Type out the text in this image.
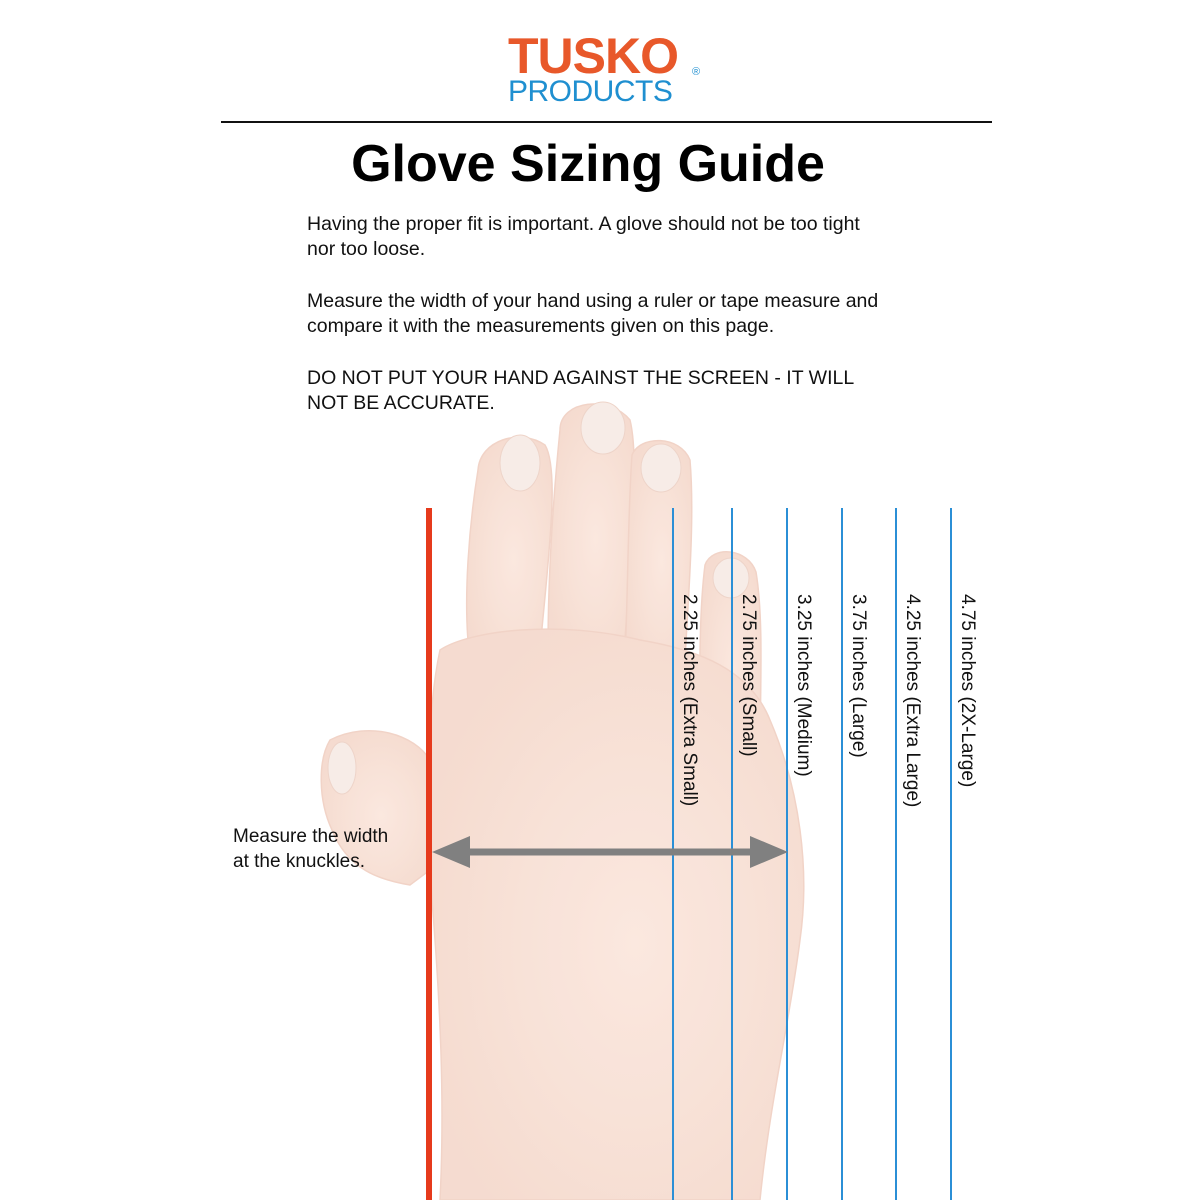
TUSKO
PRODUCTS
®
Glove Sizing Guide
Having the proper fit is important. A glove should not be too tight
nor too loose.
Measure the width of your hand using a ruler or tape measure and
compare it with the measurements given on this page.
DO NOT PUT YOUR HAND AGAINST THE SCREEN - IT WILL
NOT BE ACCURATE.
2.25 inches (Extra Small) 2.75 inches (Small) 3.25 inches (Medium) 3.75 inches (Large) 4.25 inches (Extra Large) 4.75 inches (2X-Large)
Measure the width
at the knuckles.
